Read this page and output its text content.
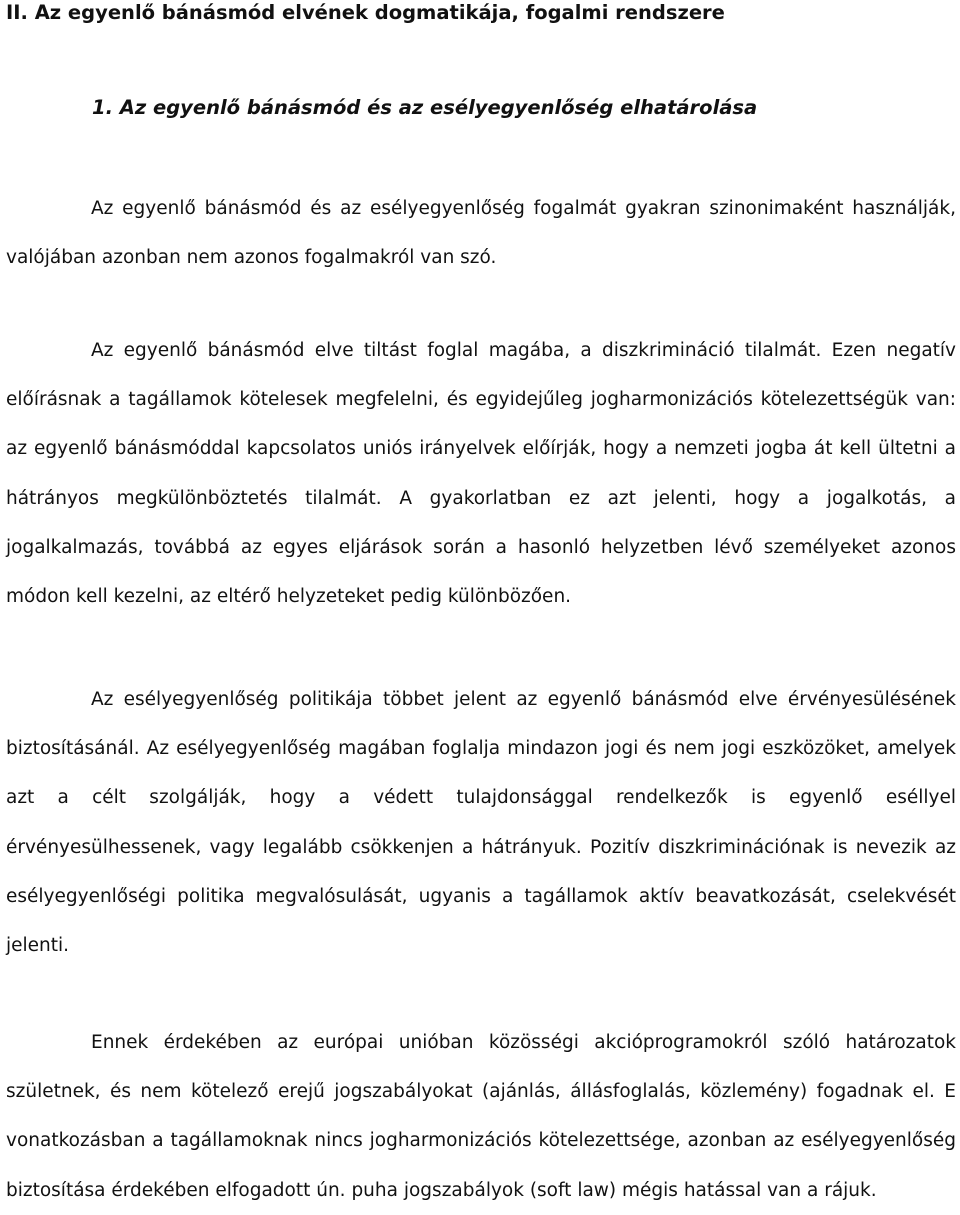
II. Az egyenlő bánásmód elvének dogmatikája, fogalmi rendszere
1. Az egyenlő bánásmód és az esélyegyenlőség elhatárolása

Az egyenlő bánásmód és az esélyegyenlőség fogalmát gyakran szinonimaként használják, valójában azonban nem azonos fogalmakról van szó.

Az egyenlő bánásmód elve tiltást foglal magába, a diszkrimináció tilalmát. Ezen negatív előírásnak a tagállamok kötelesek megfelelni, és egyidejűleg jogharmonizációs kötelezettségük van: az egyenlő bánásmóddal kapcsolatos uniós irányelvek előírják, hogy a nemzeti jogba át kell ültetni a hátrányos megkülönböztetés tilalmát. A gyakorlatban ez azt jelenti, hogy a jogalkotás, a jogalkalmazás, továbbá az egyes eljárások során a hasonló helyzetben lévő személyeket azonos módon kell kezelni, az eltérő helyzeteket pedig különbözően.

Az esélyegyenlőség politikája többet jelent az egyenlő bánásmód elve érvényesülésének biztosításánál. Az esélyegyenlőség magában foglalja mindazon jogi és nem jogi eszközöket, amelyek azt a célt szolgálják, hogy a védett tulajdonsággal rendelkezők is egyenlő eséllyel érvényesülhessenek, vagy legalább csökkenjen a hátrányuk. Pozitív diszkriminációnak is nevezik az esélyegyenlőségi politika megvalósulását, ugyanis a tagállamok aktív beavatkozását, cselekvését jelenti.

Ennek érdekében az európai unióban közösségi akcióprogramokról szóló határozatok születnek, és nem kötelező erejű jogszabályokat (ajánlás, állásfoglalás, közlemény) fogadnak el. E vonatkozásban a tagállamoknak nincs jogharmonizációs kötelezettsége, azonban az esélyegyenlőség biztosítása érdekében elfogadott ún. puha jogszabályok (soft law) mégis hatással van a rájuk.
